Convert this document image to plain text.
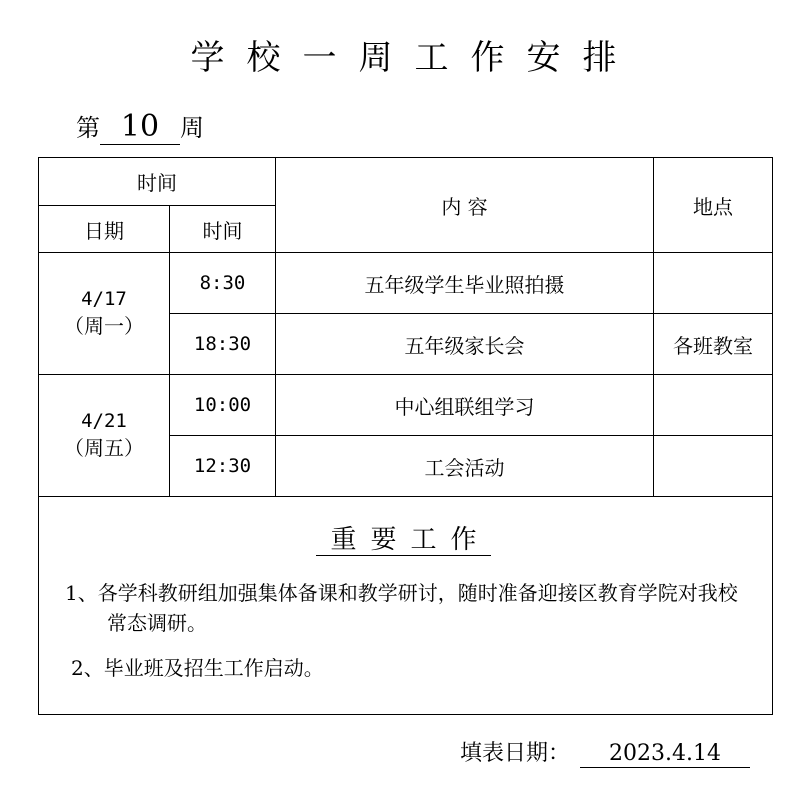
学校一周工作安排
第 10 周
时间		内 容	地点
日期	时间		

4/17
（周一）	8:30	五年级学生毕业照拍摄	
	18:30	五年级家长会	各班教室

4/21
（周五）	10:00	中心组联组学习	
	12:30	工会活动	

重要工作
1、各学科教研组加强集体备课和教学研讨，随时准备迎接区教育学院对我校常态调研。
2、毕业班及招生工作启动。			
填表日期： 2023.4.14
